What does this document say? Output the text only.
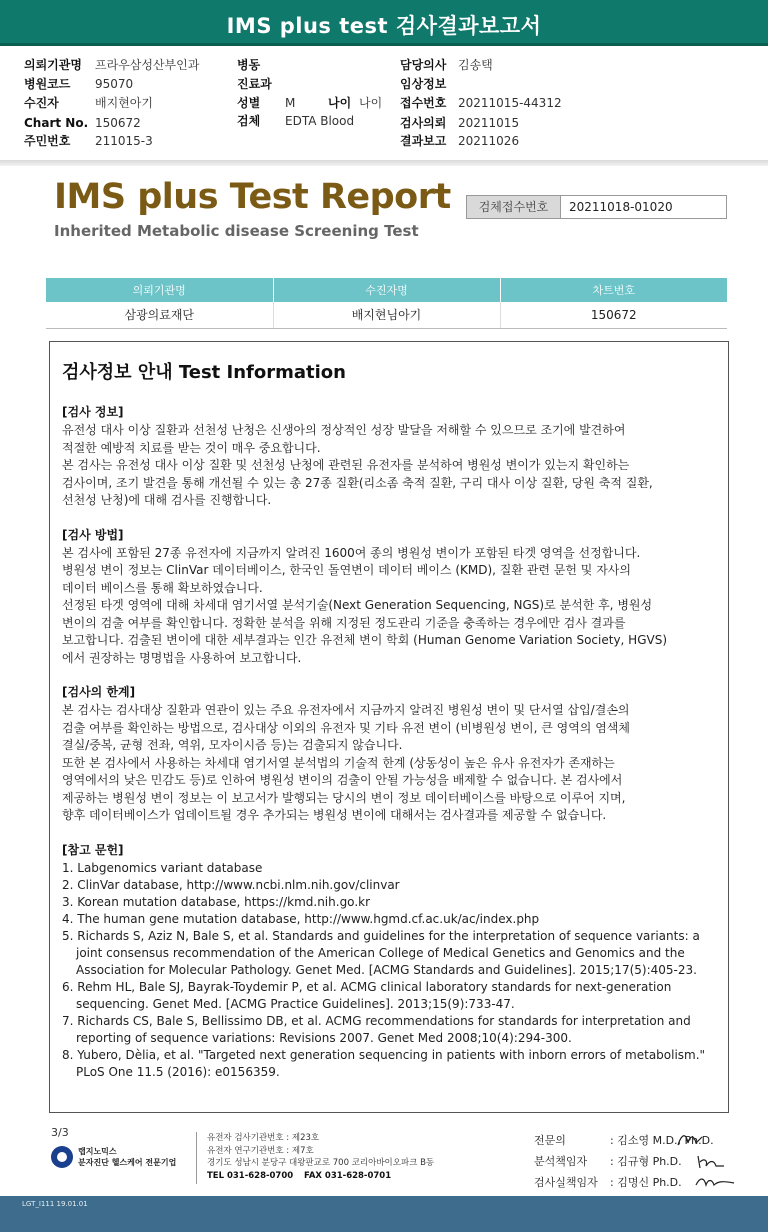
IMS plus test 검사결과보고서
의뢰기관명 프라우삼성산부인과
병원코드 95070
수진자	배지현아기
Chart No. 150672
주민번호 211015-3
병동
진료과
성별 M	나이 나이
검체 EDTA Blood
담당의사 김송택
임상정보
접수번호 20211015-44312
검사의뢰 20211015
결과보고 20211026
IMS plus Test Report
Inherited Metabolic disease Screening Test
검체접수번호	20211018-01020
의뢰기관명	수진자명	차트번호
삼광의료재단	배지현님아기	150672
검사정보 안내 Test Information
[검사 정보]
유전성 대사 이상 질환과 선천성 난청은 신생아의 정상적인 성장 발달을 저해할 수 있으므로 조기에 발견하여
적절한 예방적 치료를 받는 것이 매우 중요합니다.
본 검사는 유전성 대사 이상 질환 및 선천성 난청에 관련된 유전자를 분석하여 병원성 변이가 있는지 확인하는
검사이며, 조기 발견을 통해 개선될 수 있는 총 27종 질환(리소좀 축적 질환, 구리 대사 이상 질환, 당원 축적 질환,
선천성 난청)에 대해 검사를 진행합니다.
[검사 방법]
본 검사에 포함된 27종 유전자에 지금까지 알려진 1600여 종의 병원성 변이가 포함된 타겟 영역을 선정합니다.
병원성 변이 정보는 ClinVar 데이터베이스, 한국인 돌연변이 데이터 베이스 (KMD), 질환 관련 문헌 및 자사의
데이터 베이스를 통해 확보하였습니다.
선정된 타겟 영역에 대해 차세대 염기서열 분석기술(Next Generation Sequencing, NGS)로 분석한 후, 병원성
변이의 검출 여부를 확인합니다. 정확한 분석을 위해 지정된 정도관리 기준을 충족하는 경우에만 검사 결과를
보고합니다. 검출된 변이에 대한 세부결과는 인간 유전체 변이 학회 (Human Genome Variation Society, HGVS)
에서 권장하는 명명법을 사용하여 보고합니다.
[검사의 한계]
본 검사는 검사대상 질환과 연관이 있는 주요 유전자에서 지금까지 알려진 병원성 변이 및 단서열 삽입/결손의
검출 여부를 확인하는 방법으로, 검사대상 이외의 유전자 및 기타 유전 변이 (비병원성 변이, 큰 영역의 염색체
결실/중복, 균형 전좌, 역위, 모자이시즘 등)는 검출되지 않습니다.
또한 본 검사에서 사용하는 차세대 염기서열 분석법의 기술적 한계 (상동성이 높은 유사 유전자가 존재하는
영역에서의 낮은 민감도 등)로 인하여 병원성 변이의 검출이 안될 가능성을 배제할 수 없습니다. 본 검사에서
제공하는 병원성 변이 정보는 이 보고서가 발행되는 당시의 변이 정보 데이터베이스를 바탕으로 이루어 지며,
향후 데이터베이스가 업데이트될 경우 추가되는 병원성 변이에 대해서는 검사결과를 제공할 수 없습니다.
[참고 문헌]
1. Labgenomics variant database
2. ClinVar database, http://www.ncbi.nlm.nih.gov/clinvar
3. Korean mutation database, https://kmd.nih.go.kr
4. The human gene mutation database, http://www.hgmd.cf.ac.uk/ac/index.php
5. Richards S, Aziz N, Bale S, et al. Standards and guidelines for the interpretation of sequence variants: a joint consensus recommendation of the American College of Medical Genetics and Genomics and the Association for Molecular Pathology. Genet Med. [ACMG Standards and Guidelines]. 2015;17(5):405-23.
6. Rehm HL, Bale SJ, Bayrak-Toydemir P, et al. ACMG clinical laboratory standards for next-generation sequencing. Genet Med. [ACMG Practice Guidelines]. 2013;15(9):733-47.
7. Richards CS, Bale S, Bellissimo DB, et al. ACMG recommendations for standards for interpretation and reporting of sequence variations: Revisions 2007. Genet Med 2008;10(4):294-300.
8. Yubero, Dèlia, et al. "Targeted next generation sequencing in patients with inborn errors of metabolism." PLoS One 11.5 (2016): e0156359.
3/3
랩지노믹스
분자진단 헬스케어 전문기업
유전자 검사기관번호 : 제23호
유전자 연구기관번호 : 제7호
경기도 성남시 분당구 대왕판교로 700 코리아바이오파크 B동
TEL 031-628-0700 FAX 031-628-0701
전문의	: 김소영 M.D., Ph.D.
분석책임자 : 김규형 Ph.D.
검사실책임자 : 김명신 Ph.D.
LGT_I111 19.01.01
